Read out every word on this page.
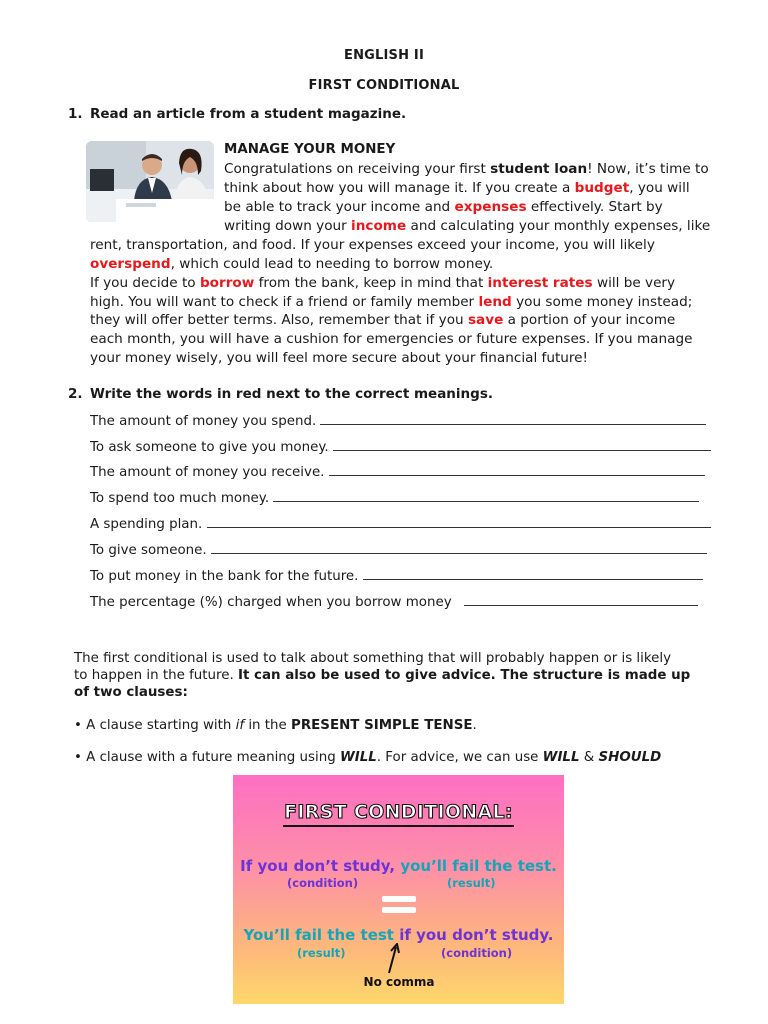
ENGLISH II
FIRST CONDITIONAL
1. Read an article from a student magazine.
MANAGE YOUR MONEY
Congratulations on receiving your first student loan! Now, it’s time to
think about how you will manage it. If you create a budget, you will
be able to track your income and expenses effectively. Start by
writing down your income and calculating your monthly expenses, like
rent, transportation, and food. If your expenses exceed your income, you will likely
overspend, which could lead to needing to borrow money.
If you decide to borrow from the bank, keep in mind that interest rates will be very
high. You will want to check if a friend or family member lend you some money instead;
they will offer better terms. Also, remember that if you save a portion of your income
each month, you will have a cushion for emergencies or future expenses. If you manage
your money wisely, you will feel more secure about your financial future!
2. Write the words in red next to the correct meanings.
The amount of money you spend.
To ask someone to give you money.
The amount of money you receive.
To spend too much money.
A spending plan.
To give someone.
To put money in the bank for the future.
The percentage (%) charged when you borrow money
The first conditional is used to talk about something that will probably happen or is likely
to happen in the future. It can also be used to give advice. The structure is made up
of two clauses:
• A clause starting with if in the PRESENT SIMPLE TENSE.
• A clause with a future meaning using WILL. For advice, we can use WILL & SHOULD
FIRST CONDITIONAL:
If you don’t study, you’ll fail the test.
(condition)	(result)
You’ll fail the test if you don’t study.
(result)	(condition)
No comma
